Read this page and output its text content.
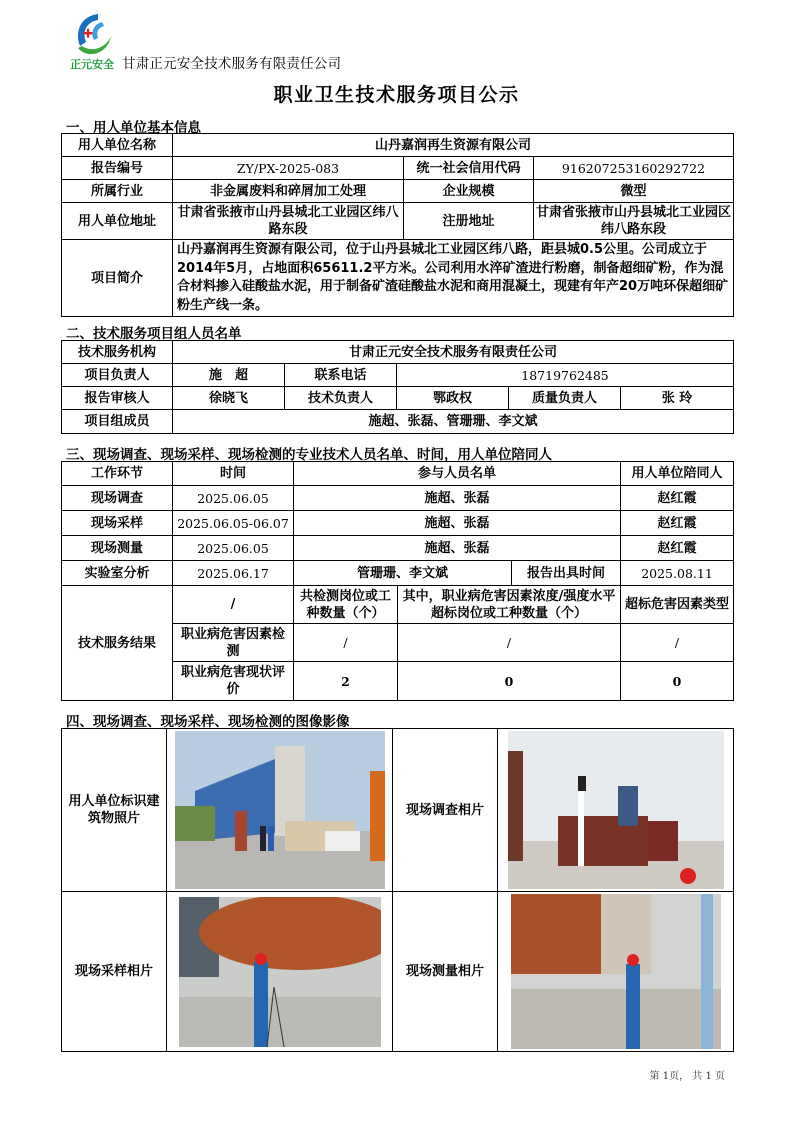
正元安全 甘肃正元安全技术服务有限责任公司
职业卫生技术服务项目公示
一、用人单位基本信息
用人单位名称	山丹嘉润再生资源有限公司		
报告编号	ZY/PX-2025-083	统一社会信用代码	916207253160292722
所属行业	非金属废料和碎屑加工处理	企业规模	微型
用人单位地址	甘肃省张掖市山丹县城北工业园区纬八路东段	注册地址	甘肃省张掖市山丹县城北工业园区纬八路东段
项目简介	山丹嘉润再生资源有限公司，位于山丹县城北工业园区纬八路，距县城0.5公里。公司成立于2014年5月，占地面积65611.2平方米。公司利用水淬矿渣进行粉磨，制备超细矿粉，作为混合材料掺入硅酸盐水泥，用于制备矿渣硅酸盐水泥和商用混凝土，现建有年产20万吨环保超细矿粉生产线一条。		
二、技术服务项目组人员名单
技术服务机构	甘肃正元安全技术服务有限责任公司				
项目负责人	施　超	联系电话	18719762485		
报告审核人	徐晓飞	技术负责人	鄂政权	质量负责人	张 玲
项目组成员	施超、张磊、管珊珊、李文斌				
三、现场调查、现场采样、现场检测的专业技术人员名单、时间，用人单位陪同人
工作环节	时间	参与人员名单			用人单位陪同人
现场调查	2025.06.05	施超、张磊			赵红霞
现场采样	2025.06.05-06.07	施超、张磊			赵红霞
现场测量	2025.06.05	施超、张磊			赵红霞
实验室分析	2025.06.17	管珊珊、李文斌		报告出具时间	2025.08.11
技术服务结果	/	共检测岗位或工种数量（个）	其中，职业病危害因素浓度/强度水平超标岗位或工种数量（个）		超标危害因素类型
	职业病危害因素检测	/	/		/
	职业病危害现状评价	2	0		0
四、现场调查、现场采样、现场检测的图像影像
用人单位标识建筑物照片		现场调查相片	

现场采样相片		现场测量相片	
第 1页， 共 1 页
